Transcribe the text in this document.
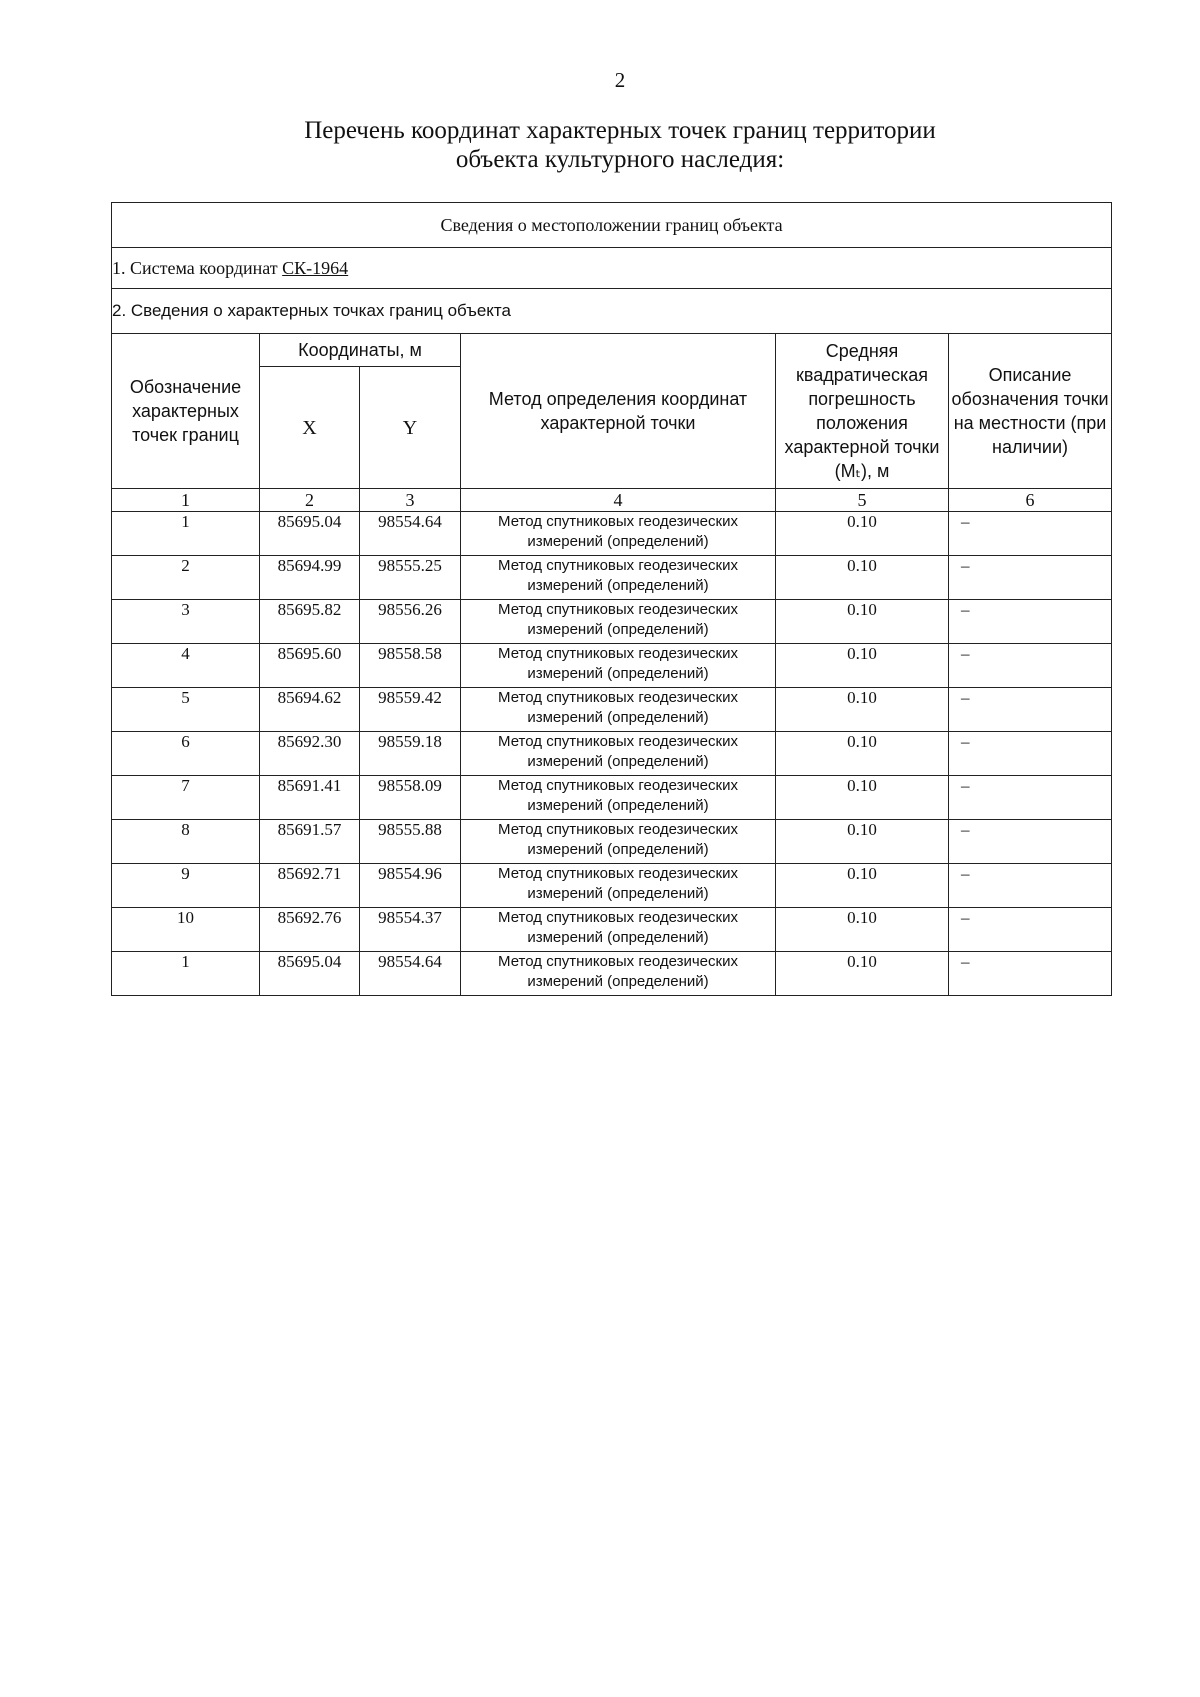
2
Перечень координат характерных точек границ территории
объекта культурного наследия:
Сведения о местоположении границ объекта					
1. Система координат СК-1964					
2. Сведения о характерных точках границ объекта					
Обозначение характерных точек границ	Координаты, м		Метод определения координат характерной точки	Средняя квадратическая погрешность положения характерной точки (Mₜ), м	Описание обозначения точки на местности (при наличии)
	X	Y			
1	2	3	4	5	6
1	85695.04	98554.64	Метод спутниковых геодезических измерений (определений)	0.10	–
2	85694.99	98555.25	Метод спутниковых геодезических измерений (определений)	0.10	–
3	85695.82	98556.26	Метод спутниковых геодезических измерений (определений)	0.10	–
4	85695.60	98558.58	Метод спутниковых геодезических измерений (определений)	0.10	–
5	85694.62	98559.42	Метод спутниковых геодезических измерений (определений)	0.10	–
6	85692.30	98559.18	Метод спутниковых геодезических измерений (определений)	0.10	–
7	85691.41	98558.09	Метод спутниковых геодезических измерений (определений)	0.10	–
8	85691.57	98555.88	Метод спутниковых геодезических измерений (определений)	0.10	–
9	85692.71	98554.96	Метод спутниковых геодезических измерений (определений)	0.10	–
10	85692.76	98554.37	Метод спутниковых геодезических измерений (определений)	0.10	–
1	85695.04	98554.64	Метод спутниковых геодезических измерений (определений)	0.10	–
